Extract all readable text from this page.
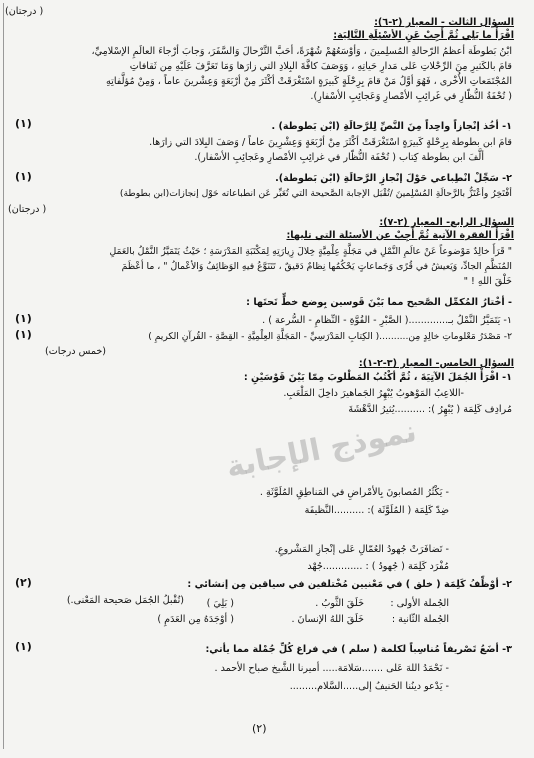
( درجتان)
السؤال الثالث - المعيار (٢-٦):
اقْرَأْ ما يَلِي ثُمَّ أَجِبْ عَنِ الأسْئِلَةِ التَّالِيَة:
ابْنُ بَطوطَة أعظمُ الرّحالةِ المُسلِمينَ ، وَأوْسَعُهُمْ شُهْرَةً، أحَبَّ التَّرْحالَ وَالسَّفَرَ، وَجابَ أرْجاءَ العالَمِ الإسْلامِيِّ،
قامَ بالكَثيرِ مِنَ الرِّحْلاتِ عَلى مَدارِ حَياتِهِ ، وَوَصَفَ كافَّةَ البِلادِ التي زارَها وَمَا تَعَرَّفَ عَلَيْهِ مِن ثَقافاتِ
المُجْتَمَعاتِ الأُخْرى ، فَهُوَ أوَّلُ مَنْ قامَ بِرِحْلَةٍ كَبيرَةٍ اسْتَغْرَقَتْ أكْثَرَ مِنْ أرْبَعَةٍ وَعِشْرينَ عاماً ، وَمِنْ مُؤلَّفاتِهِ
( تُحْفَةُ النُّظّارِ في غَرائِبِ الأمْصارِ وَعَجائِبِ الأسْفارِ).
١- أخُذ إنْجازاً واحِداً مِنَ النَّصِّ لِلرَّحالَةِ (ابْن بَطوطة) .
(١)
قامَ ابن بطوطة بِرِحْلةٍ كَبيرَةٍ اسْتَغْرَقَتْ أكْثَرَ مِنْ أرْبَعَةٍ وَعِشْرِينَ عاماً / وَصَفَ البِلادَ التي زارَها.
ألَّفَ ابن بطوطة كِتاب ( تُحْفَة النُّظّار في غرائِبِ الأمْصارِ وعَجائِبِ الأسْفار).
٢- سَجِّلْ انْطِباعي حَوْلَ إنْجازِ الرَّحالَةِ (ابْن بَطوطة).
(١)
أفْتَخِرُ وأعْتَزُّ بالرَّحالَةِ المُسْلِمينَ /تُقْبَل الإجابة الصَّحيحة التي تُعَبِّر عَن انطباعاته حَوْل إنجازات(ابن بطوطة)
( درجتان)
السؤال الرابع- المعيار (٢-٧):
اقْرَأْ الفقرة الآتية ثُمَّ أَجِبْ عن الأسئلة التي تليها:
" قَرَأَ خالِدٌ مَوْضوعاً عَنْ عالَمِ النَّمْلِ في مَجَلَّةٍ عِلْمِيَّةٍ خِلالَ زِيارَتِهِ لِمَكْتَبَةِ المَدْرَسَةِ ؛ حَيْثُ يَتَمَيَّزُ النَّمْلُ بالعَمَلِ
المُنَظَّمِ الجادِّ، وَيَعيشُ في قُرًى وَجَماعاتٍ يَحْكُمُها نِظامٌ دَقيقٌ ، تَتَنَوَّعُ فيهِ الوَظائِفُ وَالأعْمالُ " ، ما أعْظَمَ
خَلْقَ اللهِ ! "
- أخْتارُ المُكمِّل الصَّحيح مما بَيْنَ قَوسين بِوضع خطٍّ تَحتَها :
١- يَتَمَيَّزُ النَّمْلُ بـ.............( الصَّبْرِ - القُوَّةِ - النِّظامِ - السُّرعة ) .
(١)
٢- مَصْدَرُ مَعْلوماتِ خالِدٍ مِن..........( الكِتابِ المَدْرَسِيِّ - المَجَلَّةِ العِلْمِيَّةِ - القِصَّةِ - القُرآنِ الكريمِ )
(١)
(خمس درجات)
السؤال الخامس- المعيار (٣-٢-١):
١- اقْرَأْ الجُمَلَ الآتِيَةَ ، ثُمَّ أكْتُبُ المَطْلوبَ مِمّا بَيْنَ قَوْسَيْنِ :
-اللاعِبُ المَوْهوبُ يُبْهِرُ الجَماهيرَ داخِلَ المَلْعَبِ.
مُرادِف كَلِمَة ( يُبْهِرُ ): ..........يُثيرُ الدَّهْشَةَ
- يَكْثُرُ المُصابونَ بِالأمْراضِ في المَناطِقِ المُلَوَّثَةِ .
ضِدّ كَلِمَة ( المُلَوَّثَة ): ..........النَّظيفَة
- تَضافَرَتْ جُهودُ العُمّالِ عَلى إنْجازِ المَشْروعِ.
مُفْرَد كَلِمَة ( جُهودُ ) : .............جُهْد
٢- أوْظِّفُ كَلِمَة ( خلق ) في مَعْنيين مُخْتلفين في سياقين مِن إنشائي :
(٢)
الجُملة الأولى :
خَلَقَ الثَّوبُ .
( بَلِيَ )
(تُقْبلُ الجُمَل صَحيحة المَعْنى.)
الجُملة الثّانية :
خَلَقَ اللهُ الإنسانَ .
( أوْجَدَهُ مِن العَدَمِ )
٣- أضَعُ تَصْريفاً مُناسِباً لكلمة ( سلم ) في فراغ كُلِّ جُمْلة مما يأتي:
(١)
- نَحْمَدُ اللهَ عَلى .......سَلامَة..... أميرنا الشَّيخ صباح الأحمد .
- يَدْعو دينُنا الحَنيفُ إلى.....السَّلام.........
نموذج الإجابة
(٢)
